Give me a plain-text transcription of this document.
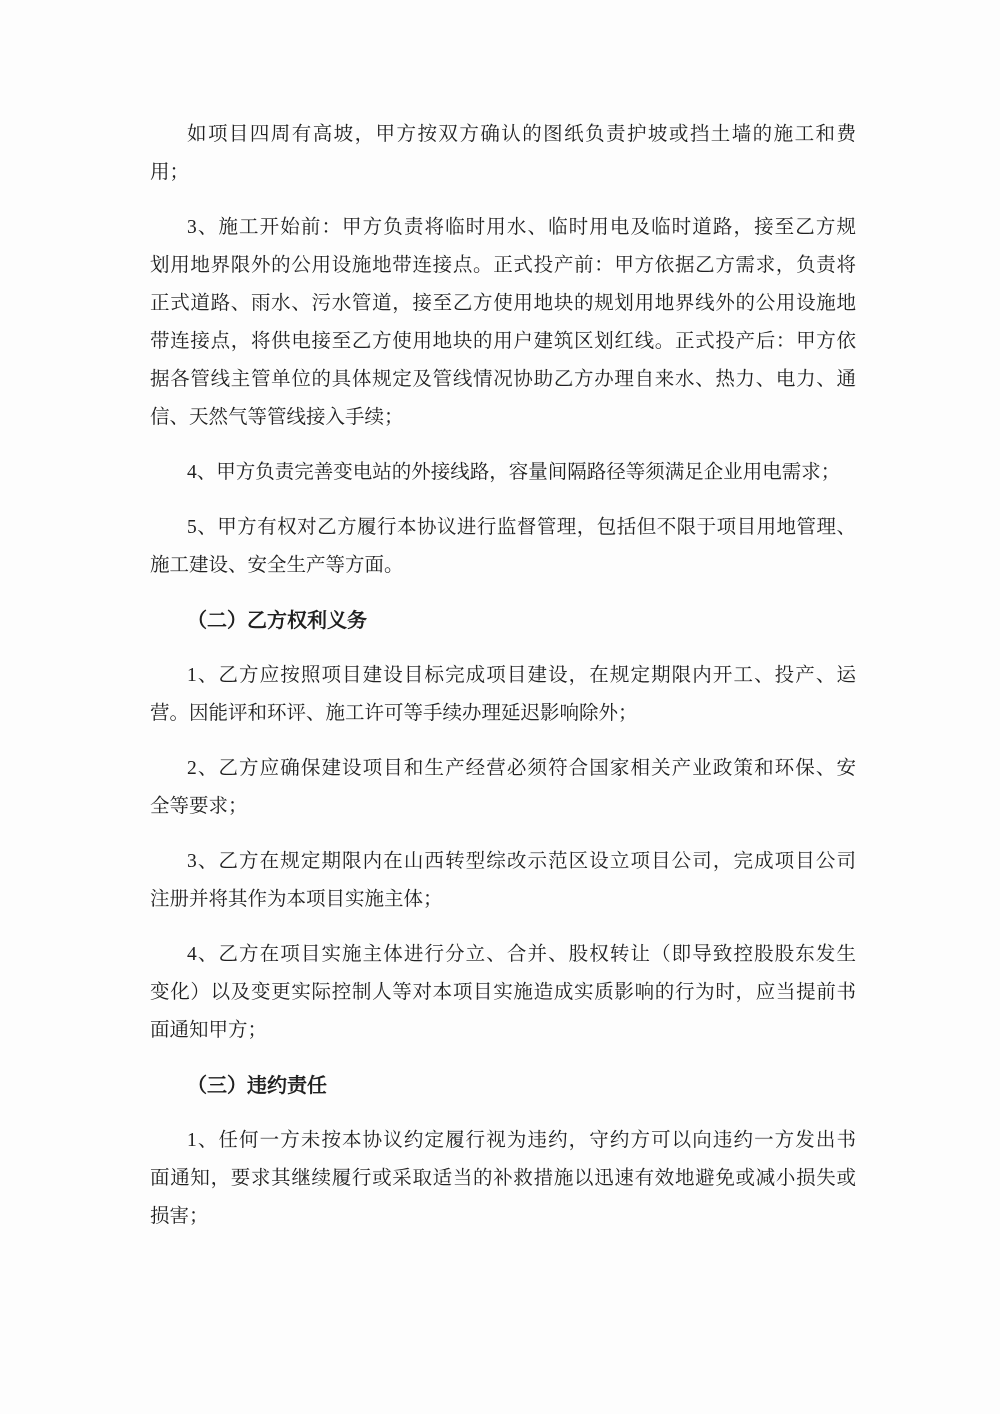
如项目四周有高坡，甲方按双方确认的图纸负责护坡或挡土墙的施工和费
用；
3、施工开始前：甲方负责将临时用水、临时用电及临时道路，接至乙方规
划用地界限外的公用设施地带连接点。正式投产前：甲方依据乙方需求，负责将
正式道路、雨水、污水管道，接至乙方使用地块的规划用地界线外的公用设施地
带连接点，将供电接至乙方使用地块的用户建筑区划红线。正式投产后：甲方依
据各管线主管单位的具体规定及管线情况协助乙方办理自来水、热力、电力、通
信、天然气等管线接入手续；
4、甲方负责完善变电站的外接线路，容量间隔路径等须满足企业用电需求；
5、甲方有权对乙方履行本协议进行监督管理，包括但不限于项目用地管理、
施工建设、安全生产等方面。
（二）乙方权利义务
1、乙方应按照项目建设目标完成项目建设，在规定期限内开工、投产、运
营。因能评和环评、施工许可等手续办理延迟影响除外；
2、乙方应确保建设项目和生产经营必须符合国家相关产业政策和环保、安
全等要求；
3、乙方在规定期限内在山西转型综改示范区设立项目公司，完成项目公司
注册并将其作为本项目实施主体；
4、乙方在项目实施主体进行分立、合并、股权转让（即导致控股股东发生
变化）以及变更实际控制人等对本项目实施造成实质影响的行为时，应当提前书
面通知甲方；
（三）违约责任
1、任何一方未按本协议约定履行视为违约，守约方可以向违约一方发出书
面通知，要求其继续履行或采取适当的补救措施以迅速有效地避免或减小损失或
损害；
